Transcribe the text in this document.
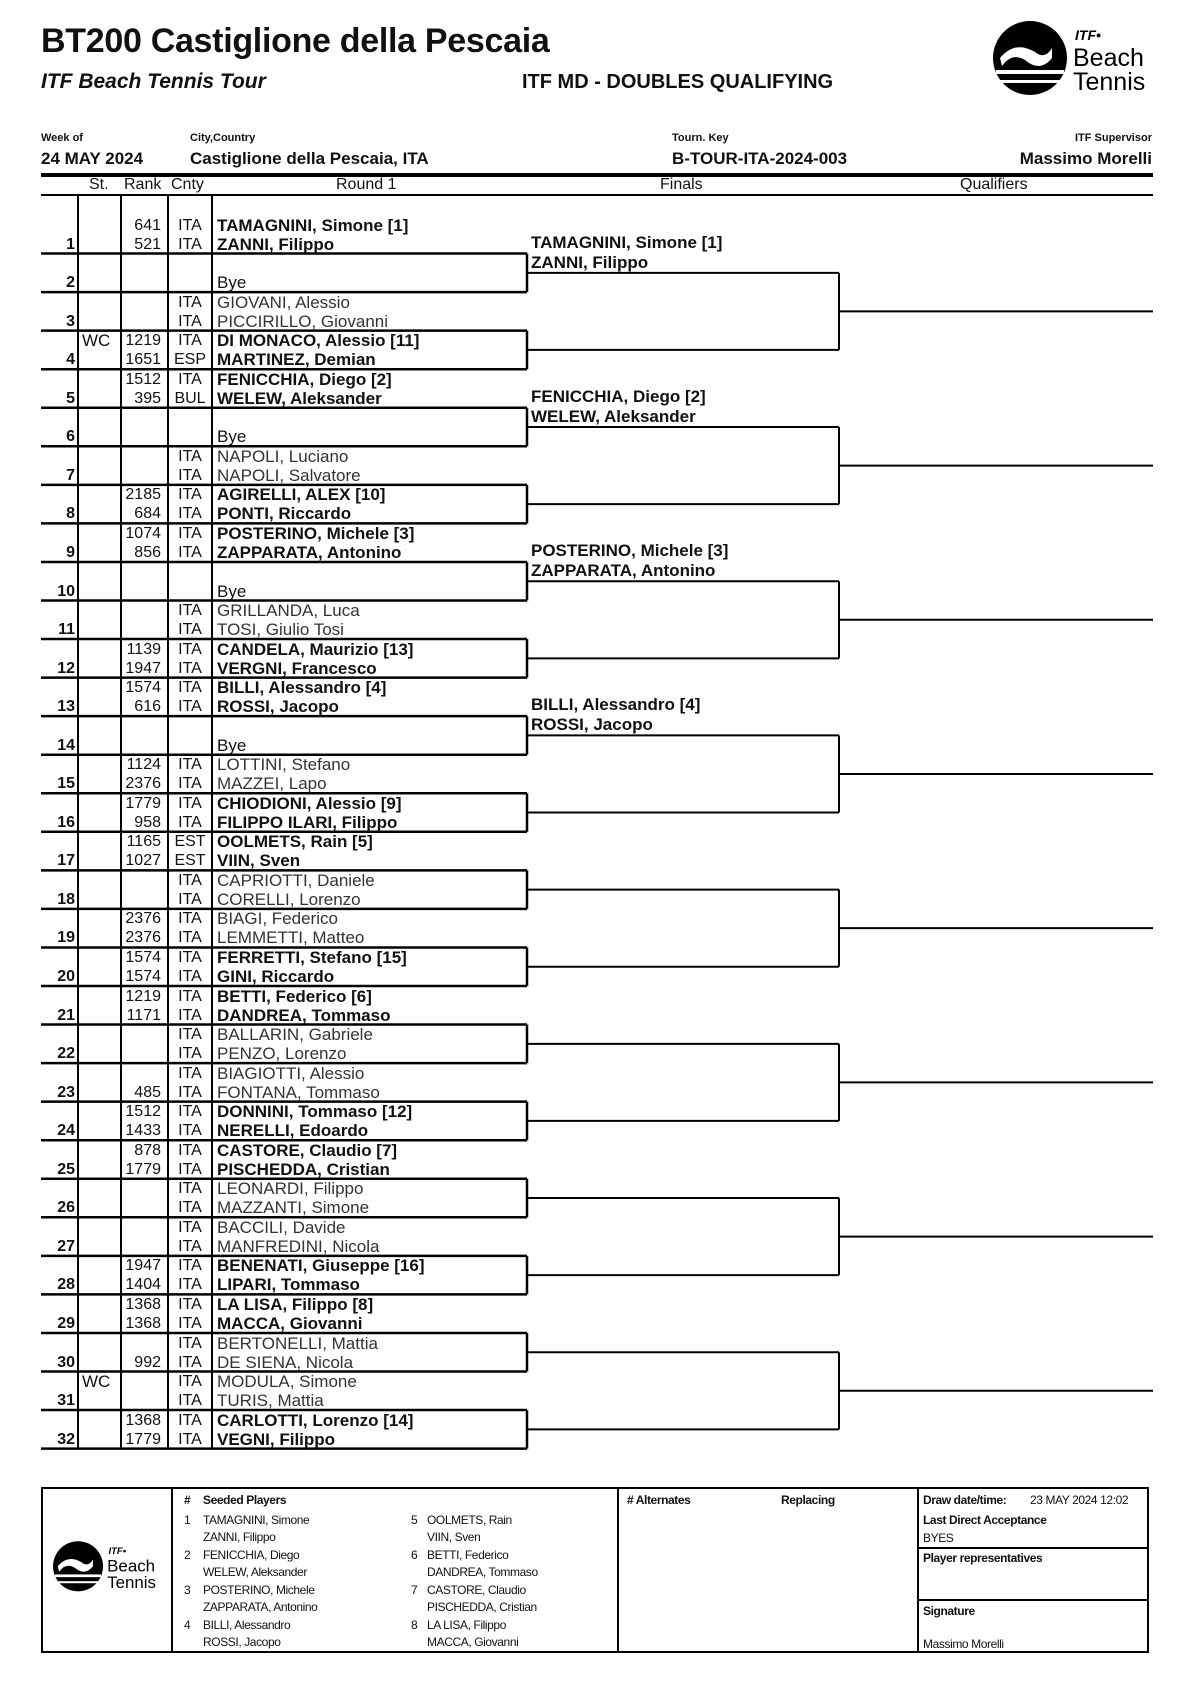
BT200 Castiglione della Pescaia
ITF Beach Tennis Tour	ITF MD - DOUBLES QUALIFYING
ITF•
Beach
Tennis
Week of
24 MAY 2024
City,Country
Castiglione della Pescaia, ITA
Tourn. Key
B-TOUR-ITA-2024-003
ITF Supervisor
Massimo Morelli
St. Rank Cnty	Round 1	Finals	Qualifiers
1
641	ITA TAMAGNINI, Simone [1]
521	ITA ZANNI, Filippo
2	Bye
3
ITA GIOVANI, Alessio
ITA PICCIRILLO, Giovanni
4
WC 1219	ITA DI MONACO, Alessio [11]
1651 ESP MARTINEZ, Demian
5
1512	ITA FENICCHIA, Diego [2]
395 BUL WELEW, Aleksander
6	Bye
7
ITA NAPOLI, Luciano
ITA NAPOLI, Salvatore
8
2185	ITA AGIRELLI, ALEX [10]
684	ITA PONTI, Riccardo
9
1074	ITA POSTERINO, Michele [3]
856	ITA ZAPPARATA, Antonino
10	Bye
11
ITA GRILLANDA, Luca
ITA TOSI, Giulio Tosi
12
1139	ITA CANDELA, Maurizio [13]
1947	ITA VERGNI, Francesco
13
1574	ITA BILLI, Alessandro [4]
616	ITA ROSSI, Jacopo
14	Bye
15
1124	ITA LOTTINI, Stefano
2376	ITA MAZZEI, Lapo
16
1779	ITA CHIODIONI, Alessio [9]
958	ITA FILIPPO ILARI, Filippo
17
1165 EST OOLMETS, Rain [5]
1027 EST VIIN, Sven
18
ITA CAPRIOTTI, Daniele
ITA CORELLI, Lorenzo
19
2376	ITA BIAGI, Federico
2376	ITA LEMMETTI, Matteo
20
1574	ITA FERRETTI, Stefano [15]
1574	ITA GINI, Riccardo
21
1219	ITA BETTI, Federico [6]
1171	ITA DANDREA, Tommaso
22
ITA BALLARIN, Gabriele
ITA PENZO, Lorenzo
23
ITA BIAGIOTTI, Alessio
485	ITA FONTANA, Tommaso
24
1512	ITA DONNINI, Tommaso [12]
1433	ITA NERELLI, Edoardo
25
878	ITA CASTORE, Claudio [7]
1779	ITA PISCHEDDA, Cristian
26
ITA LEONARDI, Filippo
ITA MAZZANTI, Simone
27
ITA BACCILI, Davide
ITA MANFREDINI, Nicola
28
1947	ITA BENENATI, Giuseppe [16]
1404	ITA LIPARI, Tommaso
29
1368	ITA LA LISA, Filippo [8]
1368	ITA MACCA, Giovanni
30
ITA BERTONELLI, Mattia
992	ITA DE SIENA, Nicola
31
WC	ITA MODULA, Simone
ITA TURIS, Mattia
32
1368	ITA CARLOTTI, Lorenzo [14]
1779	ITA VEGNI, Filippo
TAMAGNINI, Simone [1]
ZANNI, Filippo
FENICCHIA, Diego [2]
WELEW, Aleksander
POSTERINO, Michele [3]
ZAPPARATA, Antonino
BILLI, Alessandro [4]
ROSSI, Jacopo
ITF•
Beach
Tennis
# Seeded Players
1 TAMAGNINI, Simone
ZANNI, Filippo
2 FENICCHIA, Diego
WELEW, Aleksander
3 POSTERINO, Michele
ZAPPARATA, Antonino
4 BILLI, Alessandro
ROSSI, Jacopo
5 OOLMETS, Rain
VIIN, Sven
6 BETTI, Federico
DANDREA, Tommaso
7 CASTORE, Claudio
PISCHEDDA, Cristian
8 LA LISA, Filippo
MACCA, Giovanni
# Alternates	Replacing	Draw date/time: 23 MAY 2024 12:02
Last Direct Acceptance
BYES
Player representatives
Signature
Massimo Morelli
